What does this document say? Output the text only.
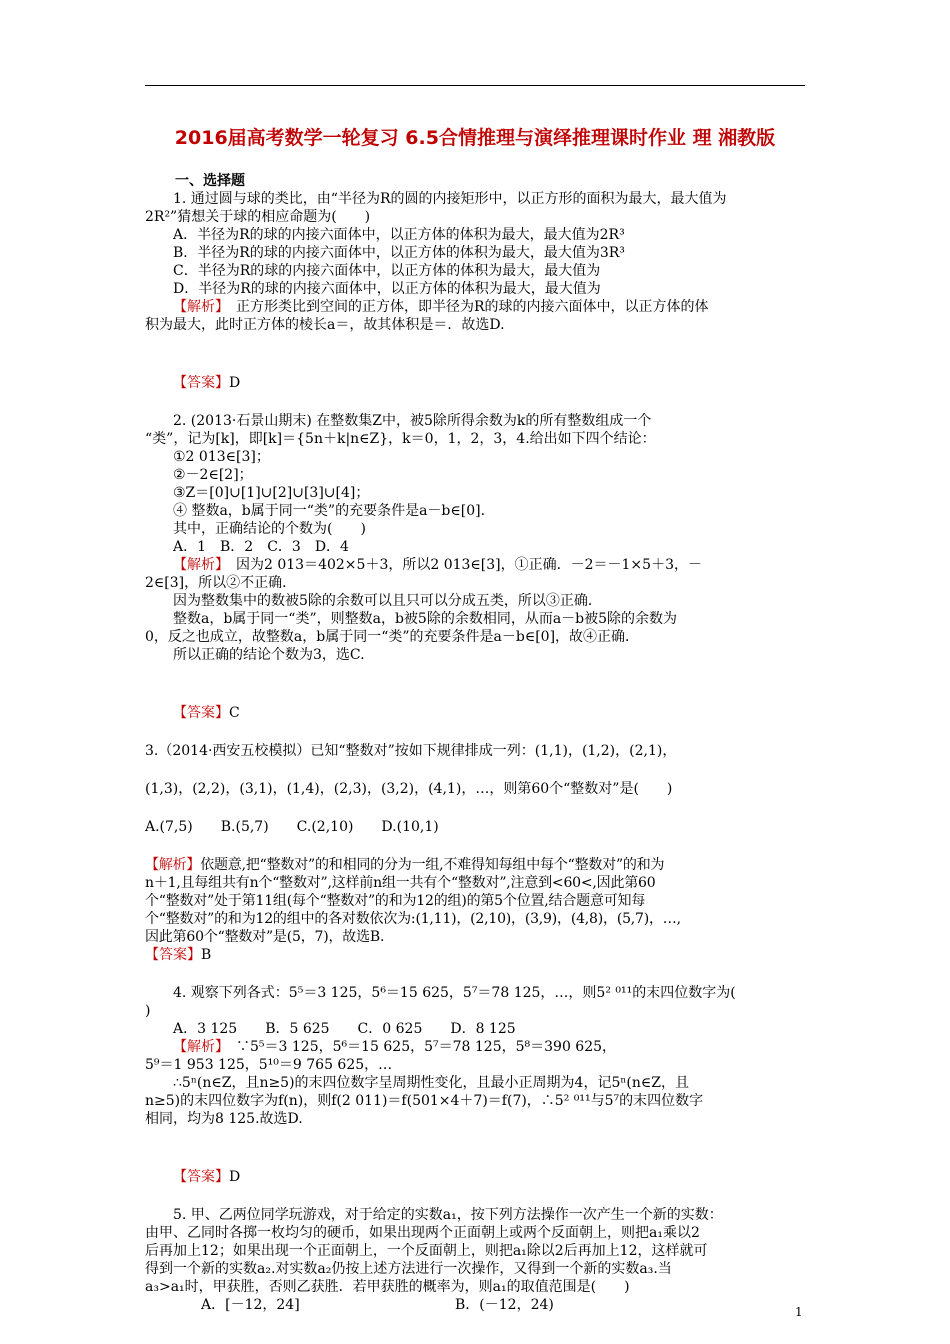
2016届高考数学一轮复习 6.5合情推理与演绎推理课时作业 理 湘教版

一、选择题

1. 通过圆与球的类比，由“半径为R的圆的内接矩形中，以正方形的面积为最大，最大值为

2R²”猜想关于球的相应命题为(　　)

A．半径为R的球的内接六面体中，以正方体的体积为最大，最大值为2R³

B．半径为R的球的内接六面体中，以正方体的体积为最大，最大值为3R³

C．半径为R的球的内接六面体中，以正方体的体积为最大，最大值为

D．半径为R的球的内接六面体中，以正方体的体积为最大，最大值为

【解析】　正方形类比到空间的正方体，即半径为R的球的内接六面体中，以正方体的体

积为最大，此时正方体的棱长a＝，故其体积是＝．故选D.

【答案】D

2. (2013·石景山期末) 在整数集Z中，被5除所得余数为k的所有整数组成一个

“类”，记为[k]，即[k]＝{5n＋k|n∈Z}，k＝0，1，2，3，4.给出如下四个结论：

①2 013∈[3]；

②－2∈[2]；

③Z＝[0]∪[1]∪[2]∪[3]∪[4]；

④ 整数a，b属于同一“类”的充要条件是a－b∈[0].

其中，正确结论的个数为(　　)

A．1　B．2　C．3　D．4

【解析】　因为2 013＝402×5＋3，所以2 013∈[3]，①正确．－2＝－1×5＋3，－

2∈[3]，所以②不正确．

因为整数集中的数被5除的余数可以且只可以分成五类，所以③正确．

整数a，b属于同一“类”，则整数a，b被5除的余数相同，从而a－b被5除的余数为

0，反之也成立，故整数a，b属于同一“类”的充要条件是a－b∈[0]，故④正确．

所以正确的结论个数为3，选C.

【答案】C

3.（2014·西安五校模拟）已知“整数对”按如下规律排成一列：(1,1)，(1,2)，(2,1)，

(1,3)，(2,2)，(3,1)，(1,4)，(2,3)，(3,2)，(4,1)，…，则第60个“整数对”是(　　)

A.(7,5)　　B.(5,7)　　C.(2,10)　　D.(10,1)

【解析】依题意,把“整数对”的和相同的分为一组,不难得知每组中每个“整数对”的和为

n＋1,且每组共有n个“整数对”,这样前n组一共有个“整数对”,注意到<60<,因此第60

个“整数对”处于第11组(每个“整数对”的和为12的组)的第5个位置,结合题意可知每

个“整数对”的和为12的组中的各对数依次为:(1,11)，(2,10)，(3,9)，(4,8)，(5,7)，…,

因此第60个“整数对”是(5，7)，故选B.

【答案】B

4. 观察下列各式：5⁵＝3 125，5⁶＝15 625，5⁷＝78 125，…，则5² ⁰¹¹的末四位数字为(

)

A．3 125　　B．5 625　　C．0 625　　D．8 125

【解析】　∵5⁵＝3 125，5⁶＝15 625，5⁷＝78 125，5⁸＝390 625，

5⁹＝1 953 125，5¹⁰＝9 765 625，…

∴5ⁿ(n∈Z，且n≥5)的末四位数字呈周期性变化，且最小正周期为4，记5ⁿ(n∈Z，且

n≥5)的末四位数字为f(n)，则f(2 011)＝f(501×4＋7)＝f(7)，∴5² ⁰¹¹与5⁷的末四位数字

相同，均为8 125.故选D.

【答案】D

5. 甲、乙两位同学玩游戏，对于给定的实数a₁，按下列方法操作一次产生一个新的实数：

由甲、乙同时各掷一枚均匀的硬币，如果出现两个正面朝上或两个反面朝上，则把a₁乘以2

后再加上12；如果出现一个正面朝上，一个反面朝上，则把a₁除以2后再加上12，这样就可

得到一个新的实数a₂.对实数a₂仍按上述方法进行一次操作，又得到一个新的实数a₃.当

a₃>a₁时，甲获胜，否则乙获胜．若甲获胜的概率为，则a₁的取值范围是(　　)

A．[－12，24]	B．(－12，24)	1
